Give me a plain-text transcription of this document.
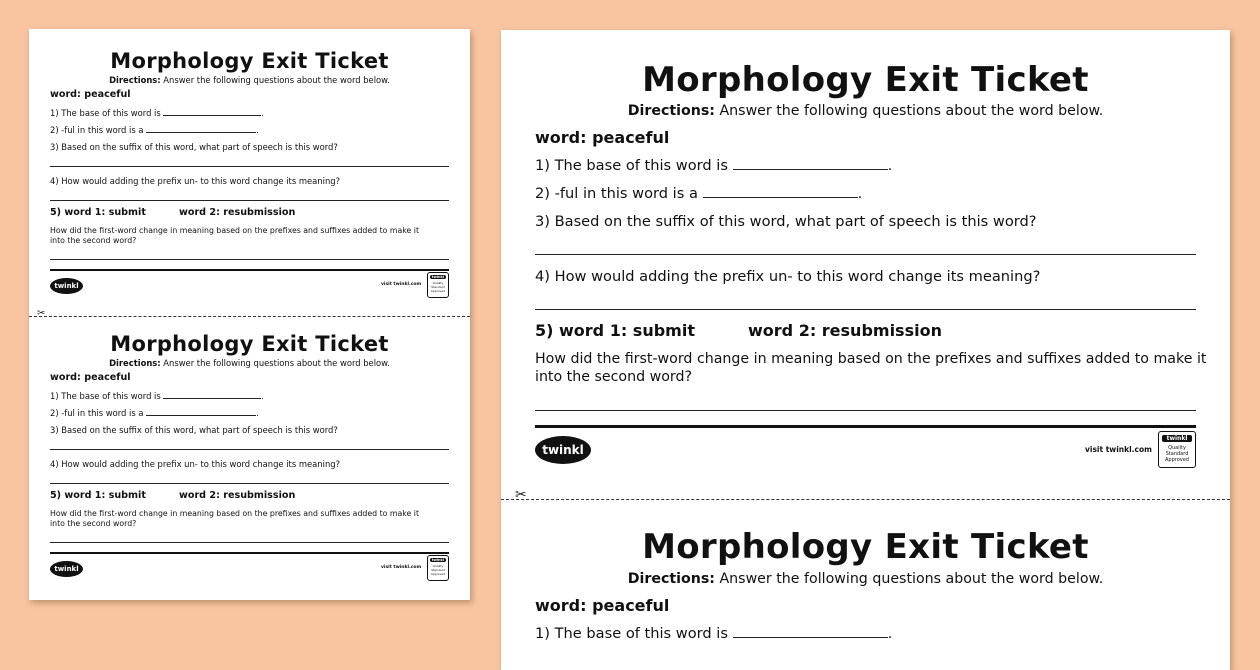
Morphology Exit Ticket
Directions: Answer the following questions about the word below.
word: peaceful
1) The base of this word is	.
2) -ful in this word is a	.
3) Based on the suffix of this word, what part of speech is this word?
4) How would adding the prefix un- to this word change its meaning?
5) word 1: submit	word 2: resubmission
How did the first-word change in meaning based on the prefixes and suffixes added to make it
into the second word?
twinkl	visit twinkl.com
twinkl
Quality Standard Approved
✂
Morphology Exit Ticket
Directions: Answer the following questions about the word below.
word: peaceful
1) The base of this word is	.
2) -ful in this word is a	.
3) Based on the suffix of this word, what part of speech is this word?
4) How would adding the prefix un- to this word change its meaning?
5) word 1: submit	word 2: resubmission
How did the first-word change in meaning based on the prefixes and suffixes added to make it
into the second word?
twinkl	visit twinkl.com
twinkl
Quality Standard Approved
Morphology Exit Ticket
Directions: Answer the following questions about the word below.
word: peaceful
1) The base of this word is	.
2) -ful in this word is a	.
3) Based on the suffix of this word, what part of speech is this word?
4) How would adding the prefix un- to this word change its meaning?
5) word 1: submit	word 2: resubmission
How did the first-word change in meaning based on the prefixes and suffixes added to make it
into the second word?
twinkl	visit twinkl.com
twinkl
Quality Standard Approved
✂
Morphology Exit Ticket
Directions: Answer the following questions about the word below.
word: peaceful
1) The base of this word is	.
